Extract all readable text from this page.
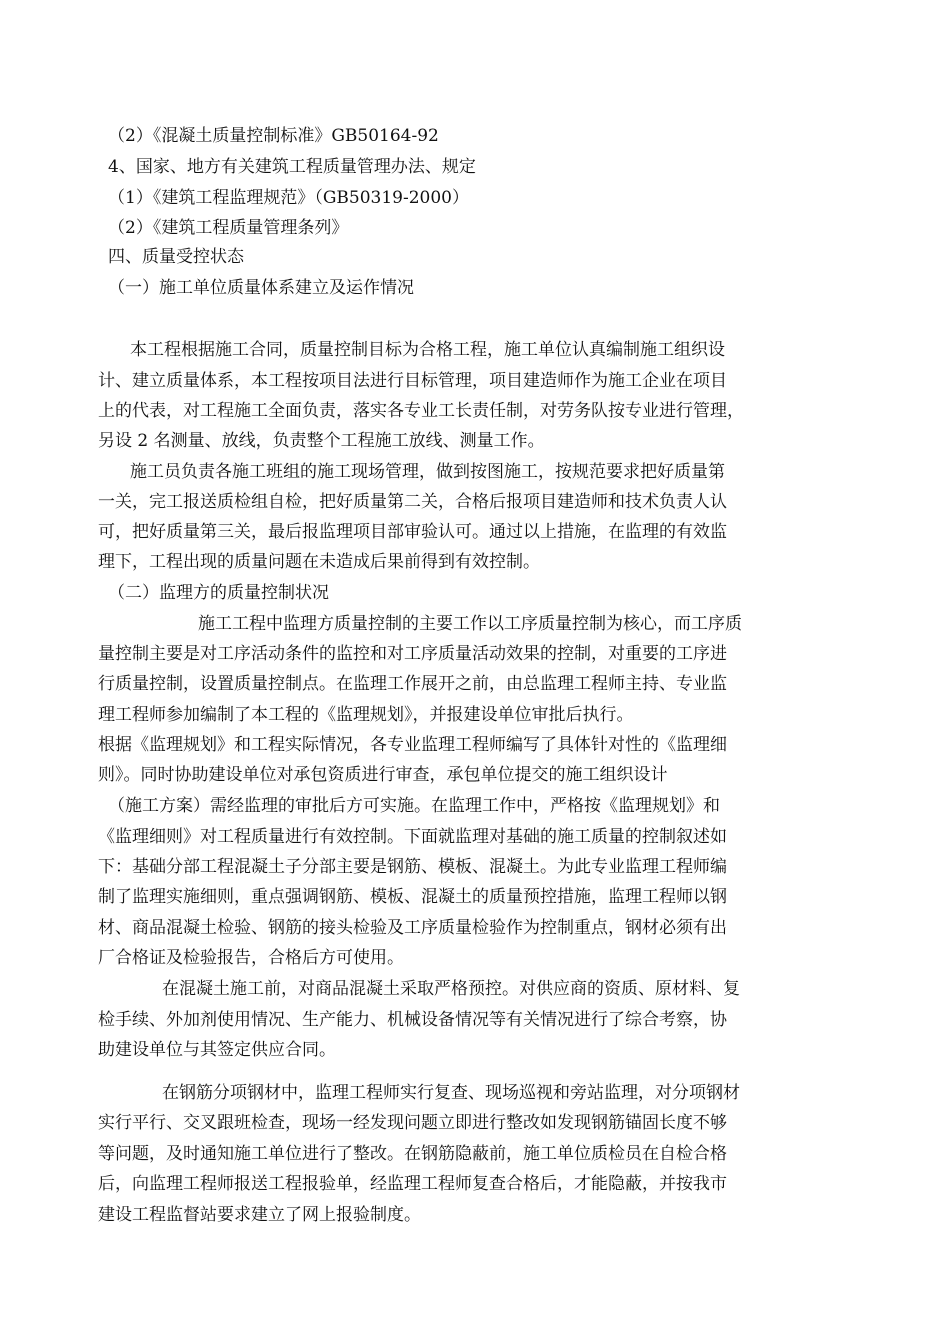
（2）《混凝土质量控制标准》GB50164-92
4、国家、地方有关建筑工程质量管理办法、规定
（1）《建筑工程监理规范》（GB50319-2000）
（2）《建筑工程质量管理条列》
四、质量受控状态
（一）施工单位质量体系建立及运作情况
本工程根据施工合同，质量控制目标为合格工程，施工单位认真编制施工组织设
计、建立质量体系，本工程按项目法进行目标管理，项目建造师作为施工企业在项目
上的代表，对工程施工全面负责，落实各专业工长责任制，对劳务队按专业进行管理，
另设 2 名测量、放线，负责整个工程施工放线、测量工作。
施工员负责各施工班组的施工现场管理，做到按图施工，按规范要求把好质量第
一关，完工报送质检组自检，把好质量第二关，合格后报项目建造师和技术负责人认
可，把好质量第三关，最后报监理项目部审验认可。通过以上措施，在监理的有效监
理下，工程出现的质量问题在未造成后果前得到有效控制。
（二）监理方的质量控制状况
施工工程中监理方质量控制的主要工作以工序质量控制为核心，而工序质
量控制主要是对工序活动条件的监控和对工序质量活动效果的控制，对重要的工序进
行质量控制，设置质量控制点。在监理工作展开之前，由总监理工程师主持、专业监
理工程师参加编制了本工程的《监理规划》，并报建设单位审批后执行。
根据《监理规划》和工程实际情况，各专业监理工程师编写了具体针对性的《监理细
则》。同时协助建设单位对承包资质进行审查，承包单位提交的施工组织设计
（施工方案）需经监理的审批后方可实施。在监理工作中，严格按《监理规划》和
《监理细则》对工程质量进行有效控制。下面就监理对基础的施工质量的控制叙述如
下：基础分部工程混凝土子分部主要是钢筋、模板、混凝土。为此专业监理工程师编
制了监理实施细则，重点强调钢筋、模板、混凝土的质量预控措施，监理工程师以钢
材、商品混凝土检验、钢筋的接头检验及工序质量检验作为控制重点，钢材必须有出
厂合格证及检验报告，合格后方可使用。
在混凝土施工前，对商品混凝土采取严格预控。对供应商的资质、原材料、复
检手续、外加剂使用情况、生产能力、机械设备情况等有关情况进行了综合考察，协
助建设单位与其签定供应合同。
在钢筋分项钢材中，监理工程师实行复查、现场巡视和旁站监理，对分项钢材
实行平行、交叉跟班检查，现场一经发现问题立即进行整改如发现钢筋锚固长度不够
等问题，及时通知施工单位进行了整改。在钢筋隐蔽前，施工单位质检员在自检合格
后，向监理工程师报送工程报验单，经监理工程师复查合格后，才能隐蔽，并按我市
建设工程监督站要求建立了网上报验制度。
